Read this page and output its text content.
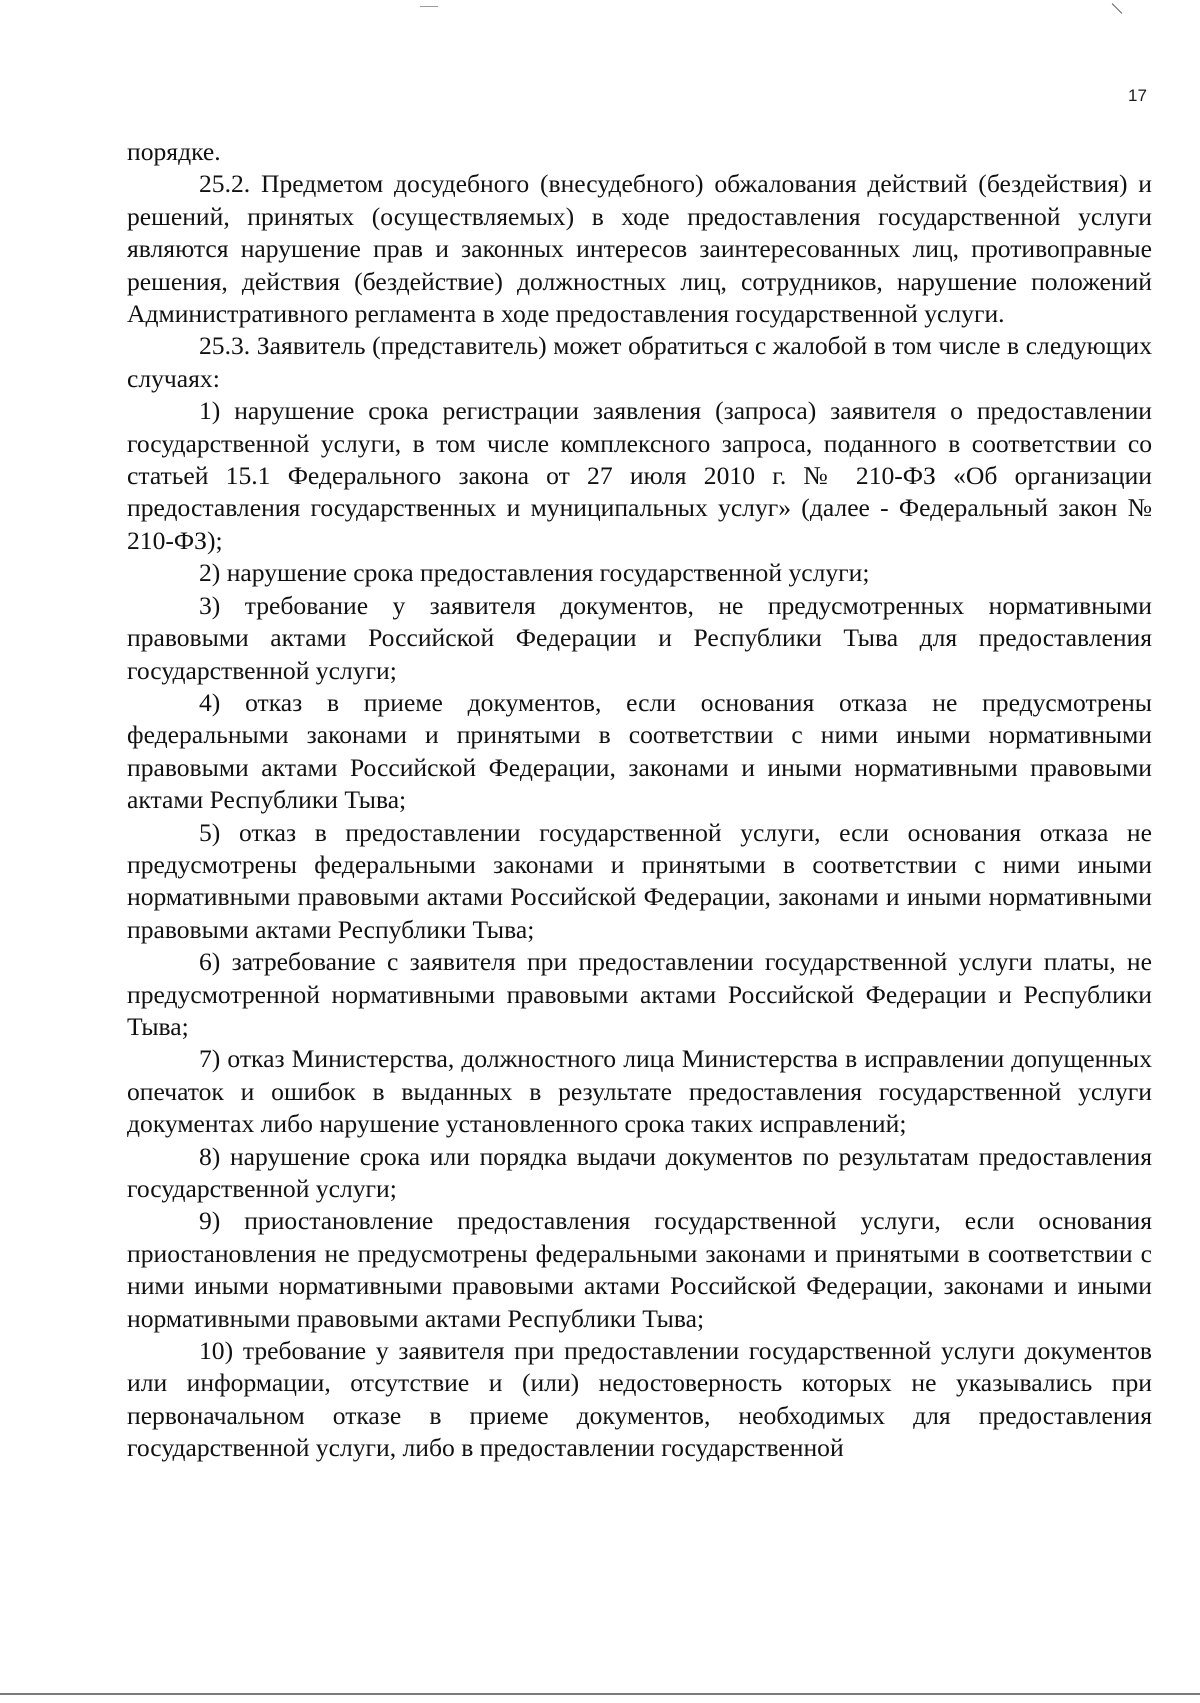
17

порядке.

25.2. Предметом досудебного (внесудебного) обжалования действий (бездействия) и решений, принятых (осуществляемых) в ходе предоставления государственной услуги являются нарушение прав и законных интересов заинтересованных лиц, противоправные решения, действия (бездействие) должностных лиц, сотрудников, нарушение положений Административного регламента в ходе предоставления государственной услуги.

25.3. Заявитель (представитель) может обратиться с жалобой в том числе в следующих случаях:

1) нарушение срока регистрации заявления (запроса) заявителя о предоставлении государственной услуги, в том числе комплексного запроса, поданного в соответствии со статьей 15.1 Федерального закона от 27 июля 2010 г. № 210-ФЗ «Об организации предоставления государственных и муниципальных услуг» (далее - Федеральный закон № 210-ФЗ);

2) нарушение срока предоставления государственной услуги;

3) требование у заявителя документов, не предусмотренных нормативными правовыми актами Российской Федерации и Республики Тыва для предоставления государственной услуги;

4) отказ в приеме документов, если основания отказа не предусмотрены федеральными законами и принятыми в соответствии с ними иными нормативными правовыми актами Российской Федерации, законами и иными нормативными правовыми актами Республики Тыва;

5) отказ в предоставлении государственной услуги, если основания отказа не предусмотрены федеральными законами и принятыми в соответствии с ними иными нормативными правовыми актами Российской Федерации, законами и иными нормативными правовыми актами Республики Тыва;

6) затребование с заявителя при предоставлении государственной услуги платы, не предусмотренной нормативными правовыми актами Российской Федерации и Республики Тыва;

7) отказ Министерства, должностного лица Министерства в исправлении допущенных опечаток и ошибок в выданных в результате предоставления государственной услуги документах либо нарушение установленного срока таких исправлений;

8) нарушение срока или порядка выдачи документов по результатам предоставления государственной услуги;

9) приостановление предоставления государственной услуги, если основания приостановления не предусмотрены федеральными законами и принятыми в соответствии с ними иными нормативными правовыми актами Российской Федерации, законами и иными нормативными правовыми актами Республики Тыва;

10) требование у заявителя при предоставлении государственной услуги документов или информации, отсутствие и (или) недостоверность которых не указывались при первоначальном отказе в приеме документов, необходимых для предоставления государственной услуги, либо в предоставлении государственной
